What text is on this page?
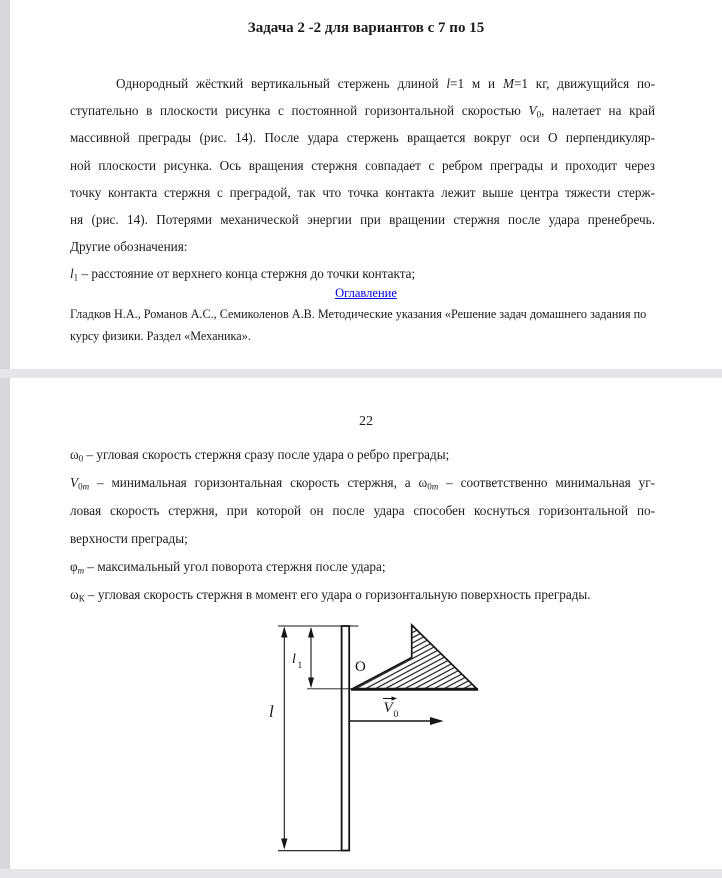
Задача 2 -2 для вариантов с 7 по 15
Однородный жёсткий вертикальный стержень длиной l=1 м и M=1 кг, движущийся по-
ступательно в плоскости рисунка с постоянной горизонтальной скоростью $V_0$, налетает на край
массивной преграды (рис. 14). После удара стержень вращается вокруг оси О перпендикуляр-
ной плоскости рисунка. Ось вращения стержня совпадает с ребром преграды и проходит через
точку контакта стержня с преградой, так что точка контакта лежит выше центра тяжести стерж-
ня (рис. 14). Потерями механической энергии при вращении стержня после удара пренебречь.
Другие обозначения:
$l_1$ – расстояние от верхнего конца стержня до точки контакта;
Оглавление
Гладков Н.А., Романов А.С., Семиколенов А.В. Методические указания «Решение задач домашнего задания по
курсу физики. Раздел «Механика».
22
$\omega_0$ – угловая скорость стержня сразу после удара о ребро преграды;
$V_0m$ – минимальная горизонтальная скорость стержня, а $\omega_0m$ – соответственно минимальная уг-
ловая скорость стержня, при которой он после удара способен коснуться горизонтальной по-
верхности преграды;
φm – максимальный угол поворота стержня после удара;
$\omega_К$ – угловая скорость стержня в момент его удара о горизонтальную поверхность преграды.
l
l 1	O
V 0
